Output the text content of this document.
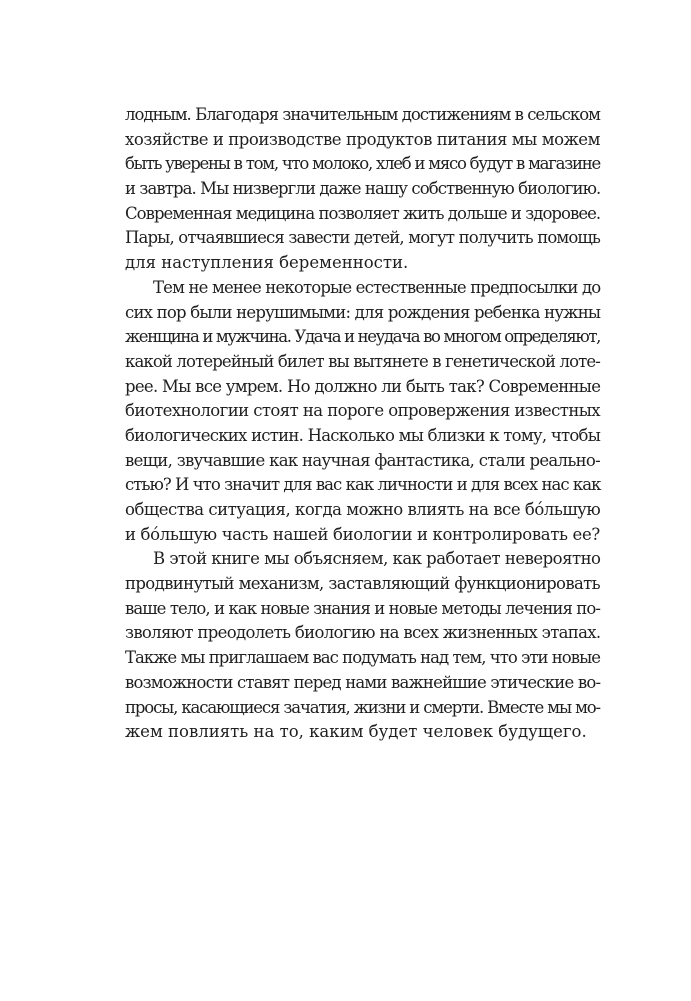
лодным. Благодаря значительным достижениям в сельском
хозяйстве и производстве продуктов питания мы можем
быть уверены в том, что молоко, хлеб и мясо будут в магазине
и завтра. Мы низвергли даже нашу собственную биологию.
Современная медицина позволяет жить дольше и здоровее.
Пары, отчаявшиеся завести детей, могут получить помощь
для наступления беременности.
Тем не менее некоторые естественные предпосылки до
сих пор были нерушимыми: для рождения ребенка нужны
женщина и мужчина. Удача и неудача во многом определяют,
какой лотерейный билет вы вытянете в генетической лоте-
рее. Мы все умрем. Но должно ли быть так? Современные
биотехнологии стоят на пороге опровержения известных
биологических истин. Насколько мы близки к тому, чтобы
вещи, звучавшие как научная фантастика, стали реально-
стью? И что значит для вас как личности и для всех нас как
общества ситуация, когда можно влиять на все бóльшую
и бóльшую часть нашей биологии и контролировать ее?
В этой книге мы объясняем, как работает невероятно
продвинутый механизм, заставляющий функционировать
ваше тело, и как новые знания и новые методы лечения по-
зволяют преодолеть биологию на всех жизненных этапах.
Также мы приглашаем вас подумать над тем, что эти новые
возможности ставят перед нами важнейшие этические во-
просы, касающиеся зачатия, жизни и смерти. Вместе мы мо-
жем повлиять на то, каким будет человек будущего.
